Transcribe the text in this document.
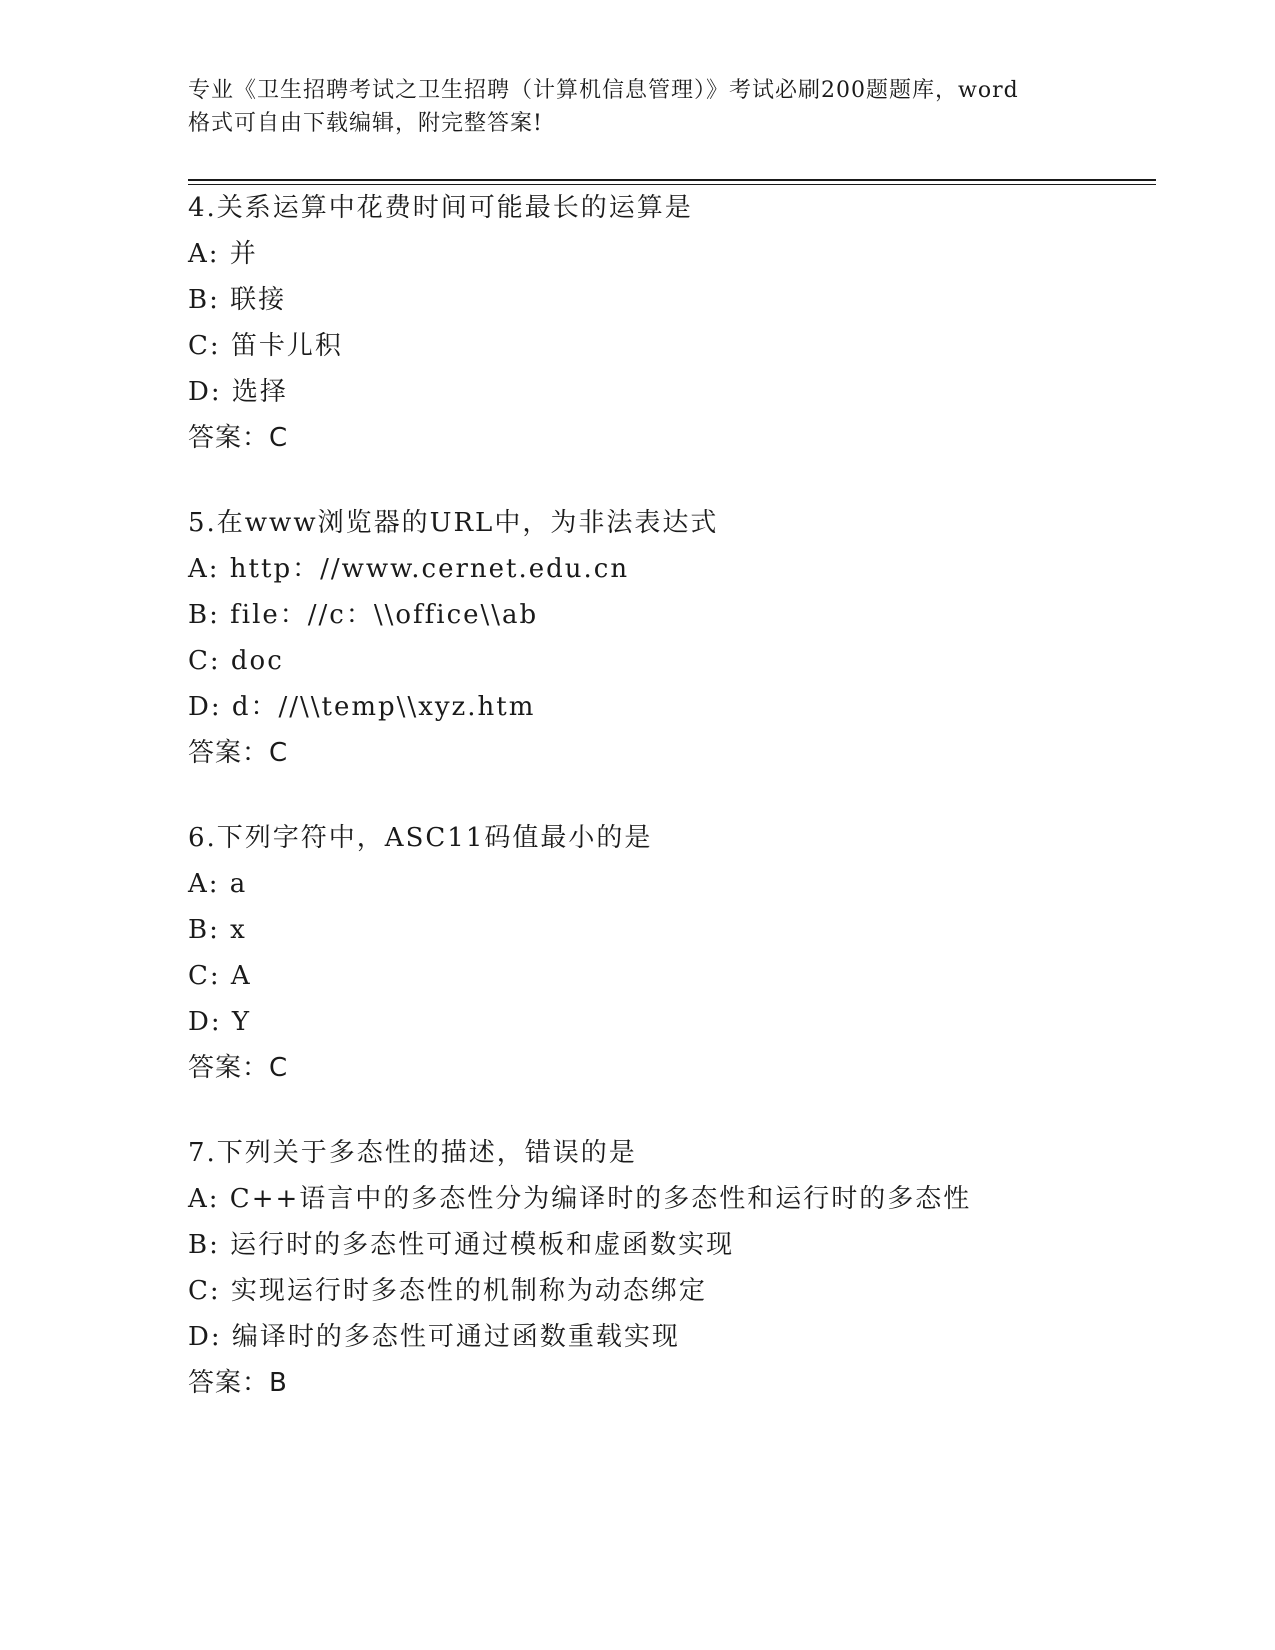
专业《卫生招聘考试之卫生招聘（计算机信息管理）》考试必刷200题题库，word
格式可自由下载编辑，附完整答案!
4.关系运算中花费时间可能最长的运算是
A: 并
B: 联接
C: 笛卡儿积
D: 选择
答案：C
5.在www浏览器的URL中，为非法表达式
A: http：//www.cernet.edu.cn
B: file：//c：\\office\\ab
C: doc
D: d：//\\temp\\xyz.htm
答案：C
6.下列字符中，ASC11码值最小的是
A: a
B: x
C: A
D: Y
答案：C
7.下列关于多态性的描述，错误的是
A: C++语言中的多态性分为编译时的多态性和运行时的多态性
B: 运行时的多态性可通过模板和虚函数实现
C: 实现运行时多态性的机制称为动态绑定
D: 编译时的多态性可通过函数重载实现
答案：B
